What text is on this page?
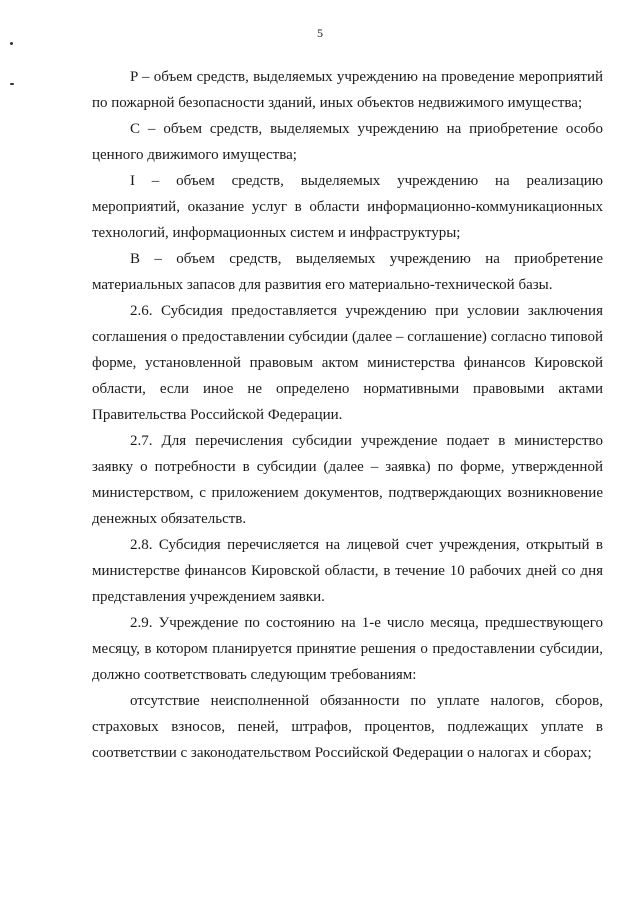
5

P – объем средств, выделяемых учреждению на проведение мероприятий по пожарной безопасности зданий, иных объектов недвижимого имущества;

C – объем средств, выделяемых учреждению на приобретение особо ценного движимого имущества;

I – объем средств, выделяемых учреждению на реализацию мероприятий, оказание услуг в области информационно-коммуникационных технологий, информационных систем и инфраструктуры;

B – объем средств, выделяемых учреждению на приобретение материальных запасов для развития его материально-технической базы.

2.6. Субсидия предоставляется учреждению при условии заключения соглашения о предоставлении субсидии (далее – соглашение) согласно типовой форме, установленной правовым актом министерства финансов Кировской области, если иное не определено нормативными правовыми актами Правительства Российской Федерации.

2.7. Для перечисления субсидии учреждение подает в министерство заявку о потребности в субсидии (далее – заявка) по форме, утвержденной министерством, с приложением документов, подтверждающих возникновение денежных обязательств.

2.8. Субсидия перечисляется на лицевой счет учреждения, открытый в министерстве финансов Кировской области, в течение 10 рабочих дней со дня представления учреждением заявки.

2.9. Учреждение по состоянию на 1-е число месяца, предшествующего месяцу, в котором планируется принятие решения о предоставлении субсидии, должно соответствовать следующим требованиям:

отсутствие неисполненной обязанности по уплате налогов, сборов, страховых взносов, пеней, штрафов, процентов, подлежащих уплате в соответствии с законодательством Российской Федерации о налогах и сборах;
